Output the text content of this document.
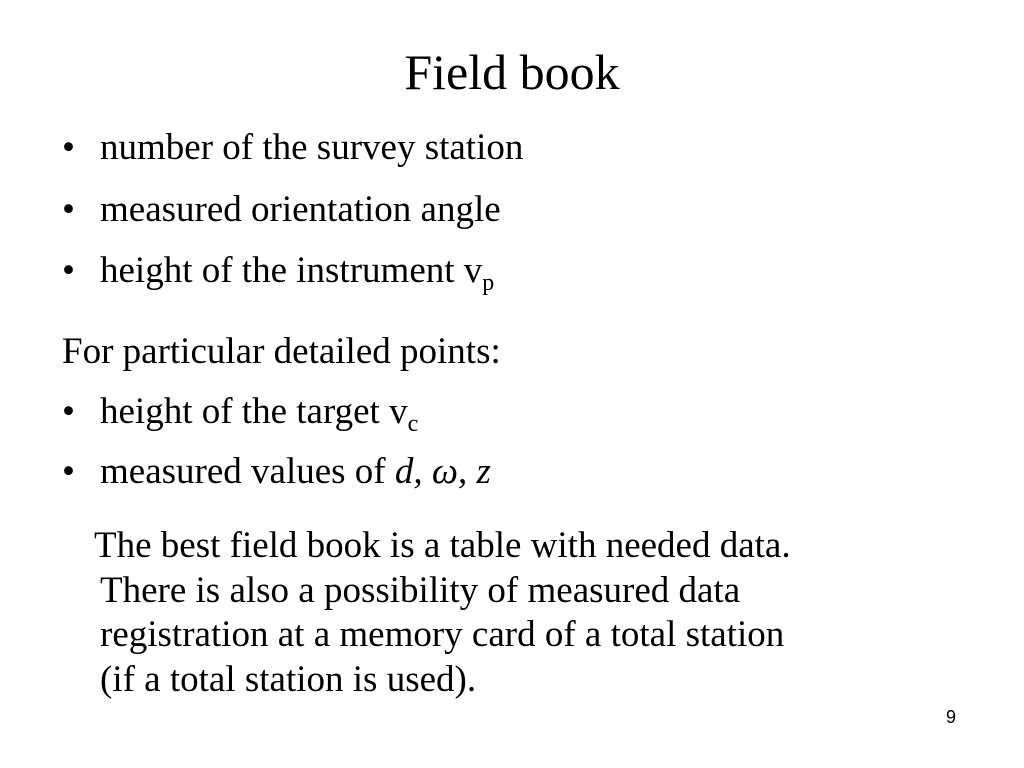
Field book
• number of the survey station
• measured orientation angle
• height of the instrument $v_p$
For particular detailed points:
• height of the target $v_c$
• measured values of d, ω, z

The best field book is a table with needed data.
There is also a possibility of measured data
registration at a memory card of a total station
(if a total station is used).

9
